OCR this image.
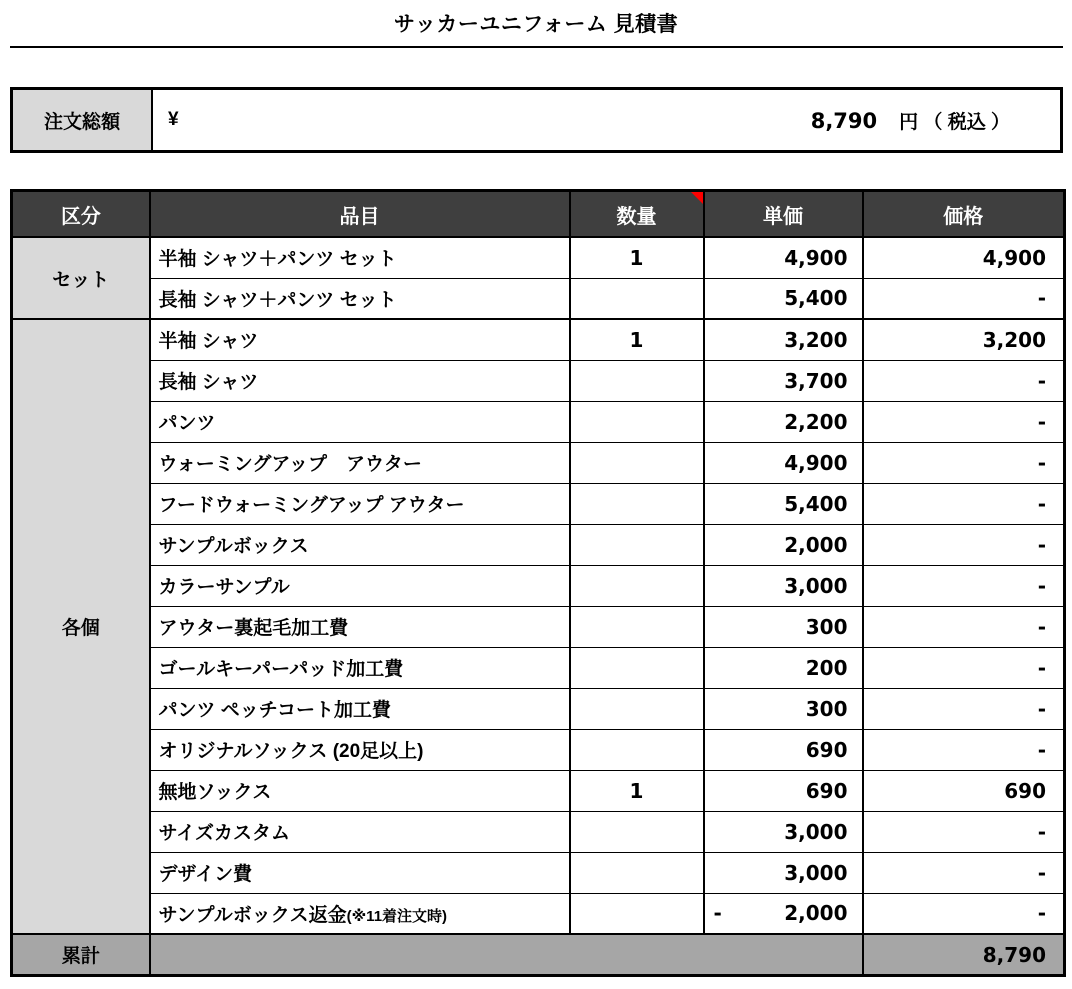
サッカーユニフォーム 見積書
注文総額	¥	8,790 円 （ 税込 ）
区分	品目	数量	単価	価格
セット	半袖 シャツ＋パンツ セット	1	4,900	4,900
	長袖 シャツ＋パンツ セット		5,400	-
各個	半袖 シャツ	1	3,200	3,200
	長袖 シャツ		3,700	-
	パンツ		2,200	-
	ウォーミングアップ　アウター		4,900	-
	フードウォーミングアップ アウター		5,400	-
	サンプルボックス		2,000	-
	カラーサンプル		3,000	-
	アウター裏起毛加工費		300	-
	ゴールキーパーパッド加工費		200	-
	パンツ ペッチコート加工費		300	-
	オリジナルソックス (20足以上)		690	-
	無地ソックス	1	690	690
	サイズカスタム		3,000	-
	デザイン費		3,000	-
	サンプルボックス返金(※11着注文時)		- 2,000	-
累計				8,790
